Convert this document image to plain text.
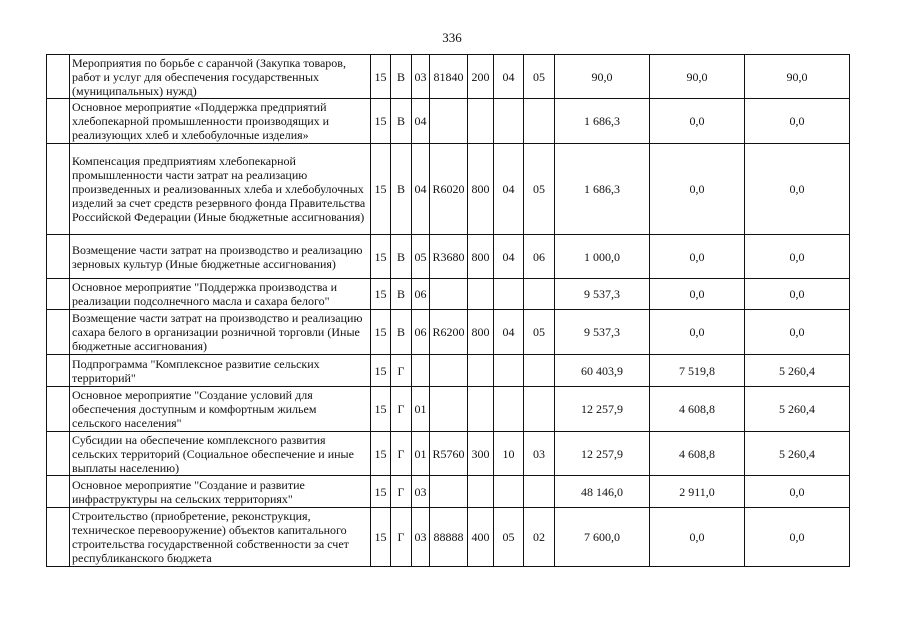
336
	Мероприятия по борьбе с саранчой (Закупка товаров, работ и услуг для обеспечения государственных (муниципальных) нужд)	15	В	03	81840	200	04	05	90,0	90,0	90,0
	Основное мероприятие «Поддержка предприятий хлебопекарной промышленности производящих и реализующих хлеб и хлебобулочные изделия»	15	В	04					1 686,3	0,0	0,0
	Компенсация предприятиям хлебопекарной промышленности части затрат на реализацию произведенных и реализованных хлеба и хлебобулочных изделий за счет средств резервного фонда Правительства Российской Федерации (Иные бюджетные ассигнования)	15	В	04	R6020	800	04	05	1 686,3	0,0	0,0
	Возмещение части затрат на производство и реализацию зерновых культур (Иные бюджетные ассигнования)	15	В	05	R3680	800	04	06	1 000,0	0,0	0,0
	Основное мероприятие "Поддержка производства и реализации подсолнечного масла и сахара белого"	15	В	06					9 537,3	0,0	0,0
	Возмещение части затрат на производство и реализацию сахара белого в организации розничной торговли (Иные бюджетные ассигнования)	15	В	06	R6200	800	04	05	9 537,3	0,0	0,0
	Подпрограмма "Комплексное развитие сельских территорий"	15	Г						60 403,9	7 519,8	5 260,4
	Основное мероприятие "Создание условий для обеспечения доступным и комфортным жильем сельского населения"	15	Г	01					12 257,9	4 608,8	5 260,4
	Субсидии на обеспечение комплексного развития сельских территорий (Социальное обеспечение и иные выплаты населению)	15	Г	01	R5760	300	10	03	12 257,9	4 608,8	5 260,4
	Основное мероприятие "Создание и развитие инфраструктуры на сельских территориях"	15	Г	03					48 146,0	2 911,0	0,0
	Строительство (приобретение, реконструкция, техническое перевооружение) объектов капитального строительства государственной собственности за счет республиканского бюджета	15	Г	03	88888	400	05	02	7 600,0	0,0	0,0
